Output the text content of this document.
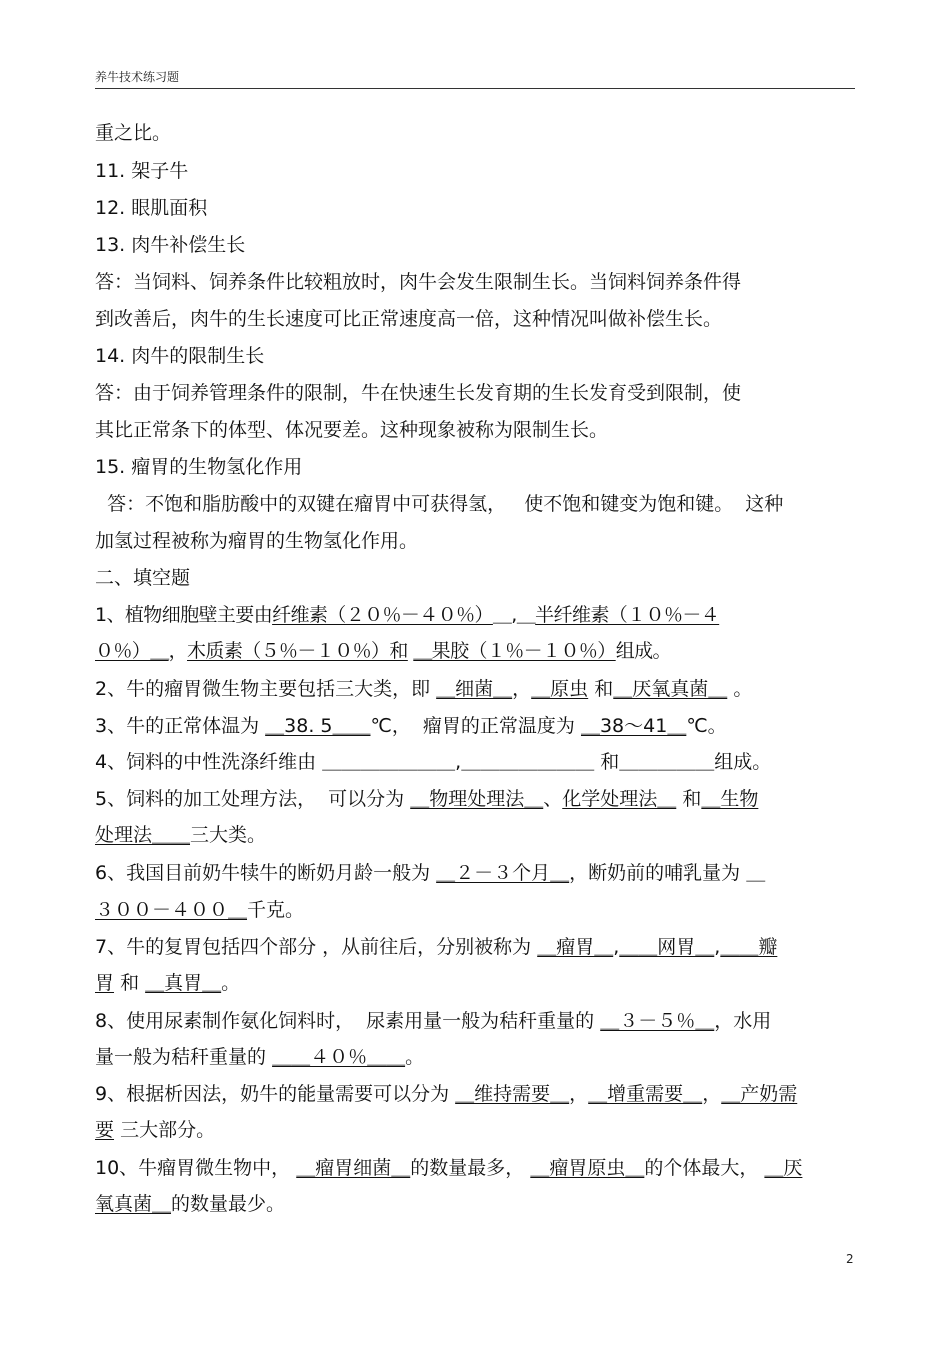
养牛技术练习题
重之比。
11. 架子牛
12. 眼肌面积
13. 肉牛补偿生长
答：当饲料、饲养条件比较粗放时，肉牛会发生限制生长。当饲料饲养条件得
到改善后，肉牛的生长速度可比正常速度高一倍，这种情况叫做补偿生长。
14. 肉牛的限制生长
答：由于饲养管理条件的限制，牛在快速生长发育期的生长发育受到限制，使
其比正常条下的体型、体况要差。这种现象被称为限制生长。
15. 瘤胃的生物氢化作用
答：不饱和脂肪酸中的双键在瘤胃中可获得氢，   使不饱和键变为饱和键。  这种
加氢过程被称为瘤胃的生物氢化作用。
二、填空题
1、植物细胞壁主要由纤维素（２０％－４０％）＿,＿半纤维素（１０％－４
０％）＿，木质素（５％－１０％）和 ＿果胶（１％－１０％）组成。
2、牛的瘤胃微生物主要包括三大类，即 ＿细菌＿，＿原虫 和＿厌氧真菌＿ 。
3、牛的正常体温为 ＿38. 5＿＿℃，  瘤胃的正常温度为 ＿38～41＿℃。
4、饲料的中性洗涤纤维由 ＿＿＿＿＿＿＿,＿＿＿＿＿＿＿ 和＿＿＿＿＿组成。
5、饲料的加工处理方法，  可以分为 ＿物理处理法＿、化学处理法＿ 和＿生物
处理法＿＿三大类。
6、我国目前奶牛犊牛的断奶月龄一般为 ＿２－３个月＿，断奶前的哺乳量为 ＿
３００－４００＿千克。
7、牛的复胃包括四个部分 ，从前往后，分别被称为 ＿瘤胃＿,＿＿网胃＿,＿＿瓣
胃 和 ＿真胃＿。
8、使用尿素制作氨化饲料时，  尿素用量一般为秸秆重量的 ＿３－５％＿，水用
量一般为秸秆重量的 ＿＿４０％＿＿。
9、根据析因法，奶牛的能量需要可以分为 ＿维持需要＿，＿增重需要＿，＿产奶需
要 三大部分。
10、牛瘤胃微生物中， ＿瘤胃细菌＿的数量最多， ＿瘤胃原虫＿的个体最大， ＿厌
氧真菌＿的数量最少。
2
